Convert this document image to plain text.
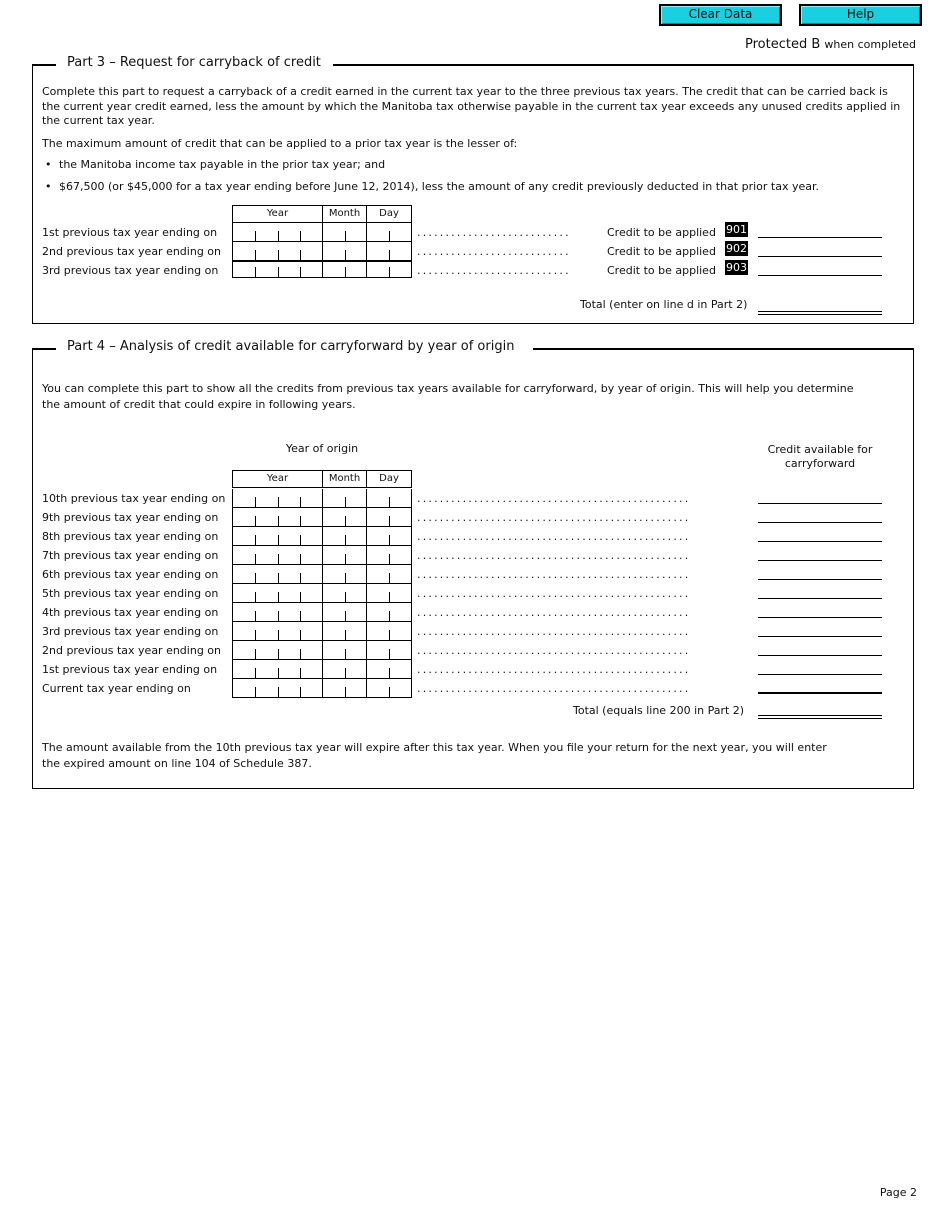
Clear Data	Help
Protected B when completed
Part 3 – Request for carryback of credit
Complete this part to request a carryback of a credit earned in the current tax year to the three previous tax years. The credit that can be carried back is the current year credit earned, less the amount by which the Manitoba tax otherwise payable in the current tax year exceeds any unused credits applied in the current tax year.
The maximum amount of credit that can be applied to a prior tax year is the lesser of:
• the Manitoba income tax payable in the prior tax year; and
• $67,500 (or $45,000 for a tax year ending before June 12, 2014), less the amount of any credit previously deducted in that prior tax year.
Year	Month	Day
1st previous tax year ending on	...........................	Credit to be applied 901
2nd previous tax year ending on	...........................	Credit to be applied 902
3rd previous tax year ending on	...........................	Credit to be applied 903
Total (enter on line d in Part 2)
Part 4 – Analysis of credit available for carryforward by year of origin
You can complete this part to show all the credits from previous tax years available for carryforward, by year of origin. This will help you determine the amount of credit that could expire in following years.
Year of origin	Credit available for carryforward
Year	Month	Day
10th previous tax year ending on	................................................
9th previous tax year ending on	................................................
8th previous tax year ending on	................................................
7th previous tax year ending on	................................................
6th previous tax year ending on	................................................
5th previous tax year ending on	................................................
4th previous tax year ending on	................................................
3rd previous tax year ending on	................................................
2nd previous tax year ending on	................................................
1st previous tax year ending on	................................................
Current tax year ending on	................................................
Total (equals line 200 in Part 2)
The amount available from the 10th previous tax year will expire after this tax year. When you file your return for the next year, you will enter the expired amount on line 104 of Schedule 387.
Page 2
